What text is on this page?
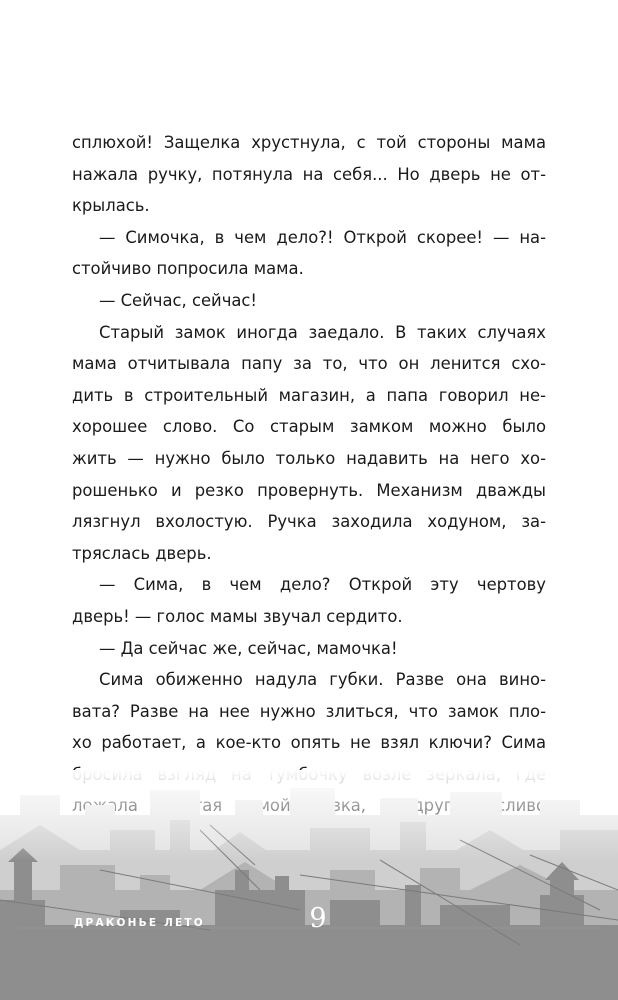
сплюхой! Защелка хрустнула, с той стороны мама
нажала ручку, потянула на себя... Но дверь не от-
крылась.
— Симочка, в чем дело?! Открой скорее! — на-
стойчиво попросила мама.
— Сейчас, сейчас!
Старый замок иногда заедало. В таких случаях
мама отчитывала папу за то, что он ленится схо-
дить в строительный магазин, а папа говорил не-
хорошее слово. Со старым замком можно было
жить — нужно было только надавить на него хо-
рошенько и резко провернуть. Механизм дважды
лязгнул вхолостую. Ручка заходила ходуном, за-
тряслась дверь.
— Сима, в чем дело? Открой эту чертову
дверь! — голос мамы звучал сердито.
— Да сейчас же, сейчас, мамочка!
Сима обиженно надула губки. Разве она вино-
вата? Разве на нее нужно злиться, что замок пло-
хо работает, а кое-кто опять не взял ключи? Сима
ДРАКОНЬЕ ЛЕТО	9
